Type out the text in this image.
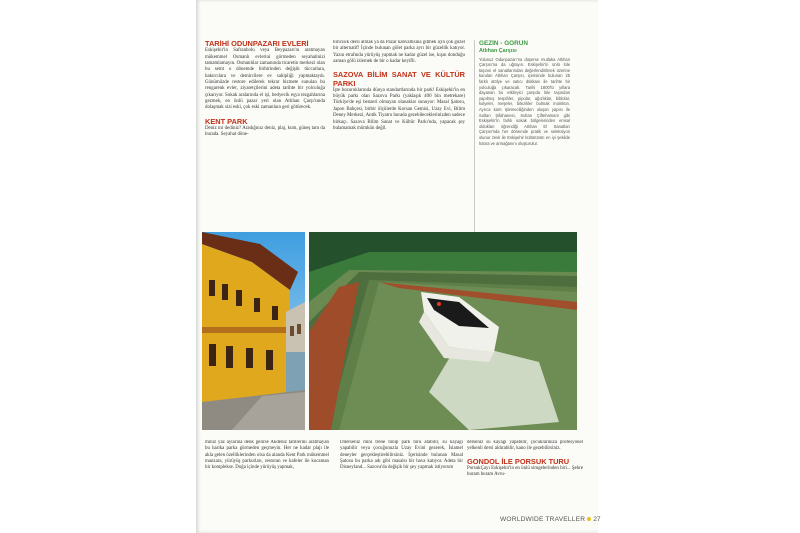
TARİHİ ODUNPAZARI EVLERİ

Eskişehir'in Safranbolu veya Beypazarı'nı aratmayan mükemmel Osmanlı evlerini görmeden seyahatinizi tamamlamayın. Osmanlılar zamanında ticaretin merkezi olan bu semt o dönemde birbirinden değişik tüccarlara, bakırcılara ve demircilere ev sahipliği yapmaktaydı. Günümüzde restore edilerek tekrar hizmete sunulan bu rengarenk evler, ziyaretçilerini adeta tarihte bir yolculuğa çıkarıyor. Sokak aralarında el işi, bedyecik eşya tezgahlarına gezmek, en ünlü pazar yeri olan Atlıhan Çarşı'sında dolaşmak sizi eski, çok eski zamanlara geri götürecek.

KENT PARK

Deniz mi dediniz? Aradığınız deniz, plaj, kum, güneş tam da burada. Seyahat döne-

biricisik dersi almak ya da Pazar kahvaltısına gitmek için çok güzel bir alternatif! İçinde bulunan gölet parka ayrı bir güzellik katıyor. Yazın etrafında yürüyüş yapmak ne kadar güzel ise, kışın donduğu zaman gölü izlemek de bir o kadar keyifli.

SAZOVA BİLİM SANAT VE KÜLTÜR PARKI

İşte bozuruklarında dünya standartlarında bir park! Eskişehir'in en büyük parkı olan Sazova Parkı (yaklaşık 400 bin metrekare) Türkiye'de eşi benzeri olmayan olanaklar sunuyor: Masal Şatosu, Japon Bahçesi, birbir ölçülerde Korsan Gemisi, Uzay Evi, Bilim Deney Merkezi, Antik Tiyatro burada gezebileceklerinizden sadece birkaçı. Sazova Bilim Sanat ve Kültür Parkı'nda, yapacak şey bulamamak mümkün değil.

GEZİN - GÖRÜN
Atlıhan Çarşısı
Yolunuz Odunpazarı'na düşerse mutlaka Atlıhan Çarşısı'na da uğrayın. Eskişehir'in ünlü lüle taşının el sanatlarından değerlendirilmek üzerine kurulan Atlıhan Çarşısı, içerisinde bulunan 25 farklı atölye ve satıcı dükkanı ile tarihte bir yolculuğa çıkaracak. Tarihi 1800'lü yıllara dayanan bu etkileyici çarşıda lüle taşından yapılmış tespihler, pipolar, ağızlıklar, biblolar, kolyeler, meşeler, bilezikler bulmak mümkün. Ayrıca kartı işlemeciliğinden oluşan yapısı ile Sultan Şifahanesi, Sultan Çiftehamam gibi Eskişehir'in farklı sokak bölgelerinden emsal oldukları öğrendiği Atlıhan El Sanatları Çarşısı'nda her dönemde pratik ve seleksiyon olunur zevk ile Eskişehir kültürünün en iyi şekilde hatıra ve armağanını oluşturulur.

miniz yaz aylarına denk gelirse Akdeniz tatillerini aratmayan bu harika parka görmeden geçmeyin. Her ne kadar plajı ile akla gelen özelliklerinden olsa da alanda Kent Park mükemmel manzara, yürüyüş parkurları, restoran ve kafeler ile kocaman bir komplekse. Doğa içinde yürüyüş yapmak,

Dilerseniz mini trene binip park turu atabilir, su kayağı yapabilir veya çocuğunuzla Uzay Evini gezerek, İslamel deneyler gerçekleştirebilirsiniz. İçerisinde bulunan Masal Şatosu bu parka adı gibi masalsı bir hava katıyor. Adeta bir Disneyland... Sazova'da değişik bir şey yapmak istiyorum

derseniz su kayağı yapabilir, çocuklarınıza profesyonel yelkenli dersi aldırabilir, kano ile gezebilirsiniz.

GONDOL İLE PORSUK TURU

PorsukÇayı Eskişehir'in en ünlü simgelerinden biri... Şehre buram buram Avru-

WORLDWIDE TRAVELLER 27
